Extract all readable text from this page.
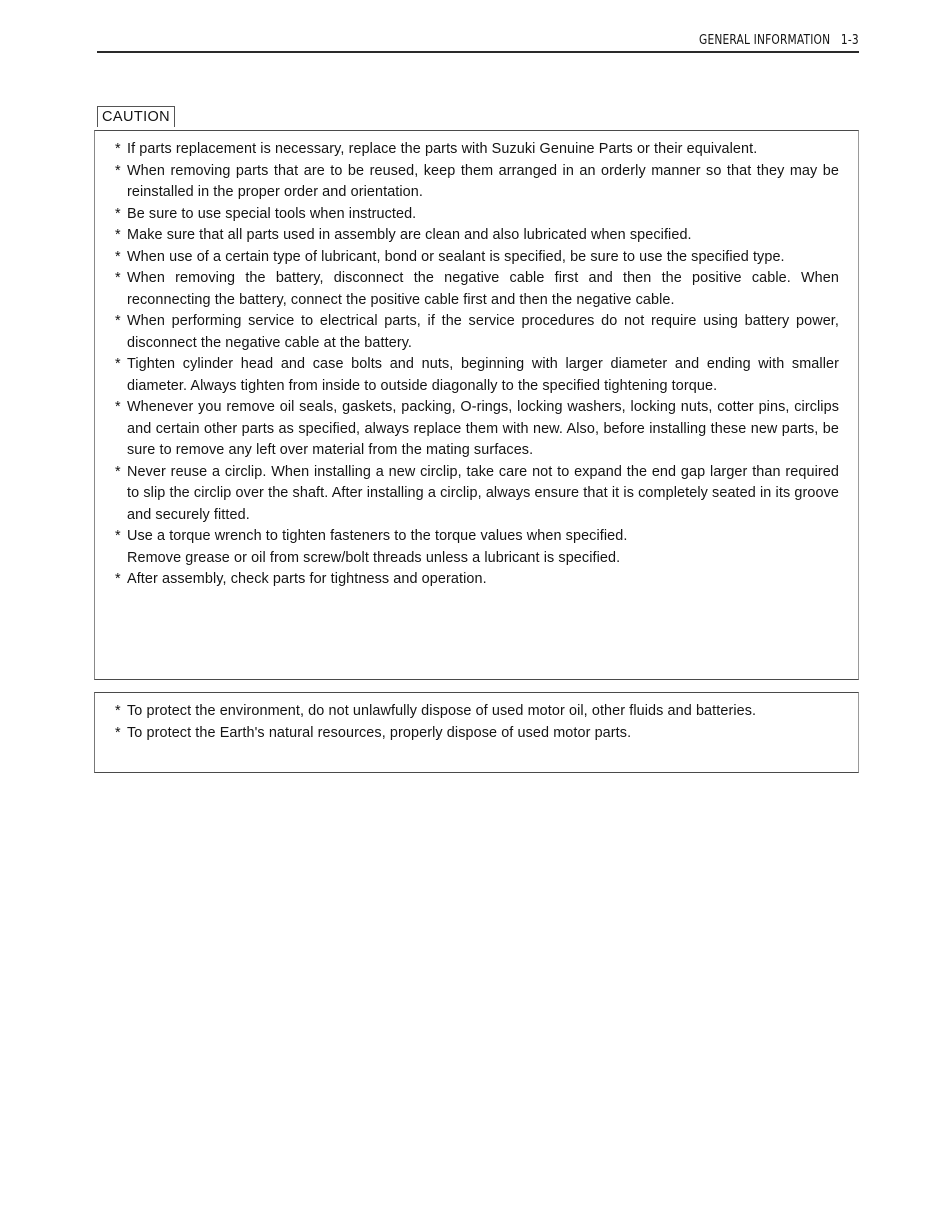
GENERAL INFORMATION 1-3
CAUTION
* If parts replacement is necessary, replace the parts with Suzuki Genuine Parts or their equivalent.
* When removing parts that are to be reused, keep them arranged in an orderly manner so that they may be reinstalled in the proper order and orientation.
* Be sure to use special tools when instructed.
* Make sure that all parts used in assembly are clean and also lubricated when specified.
* When use of a certain type of lubricant, bond or sealant is specified, be sure to use the specified type.
* When removing the battery, disconnect the negative cable first and then the positive cable. When reconnecting the battery, connect the positive cable first and then the negative cable.
* When performing service to electrical parts, if the service procedures do not require using battery power, disconnect the negative cable at the battery.
* Tighten cylinder head and case bolts and nuts, beginning with larger diameter and ending with smaller diameter. Always tighten from inside to outside diagonally to the specified tightening torque.
* Whenever you remove oil seals, gaskets, packing, O-rings, locking washers, locking nuts, cotter pins, circlips and certain other parts as specified, always replace them with new. Also, before installing these new parts, be sure to remove any left over material from the mating surfaces.
* Never reuse a circlip. When installing a new circlip, take care not to expand the end gap larger than required to slip the circlip over the shaft. After installing a circlip, always ensure that it is completely seated in its groove and securely fitted.
* Use a torque wrench to tighten fasteners to the torque values when specified.
Remove grease or oil from screw/bolt threads unless a lubricant is specified.
* After assembly, check parts for tightness and operation.
* To protect the environment, do not unlawfully dispose of used motor oil, other fluids and batteries.
* To protect the Earth's natural resources, properly dispose of used motor parts.
